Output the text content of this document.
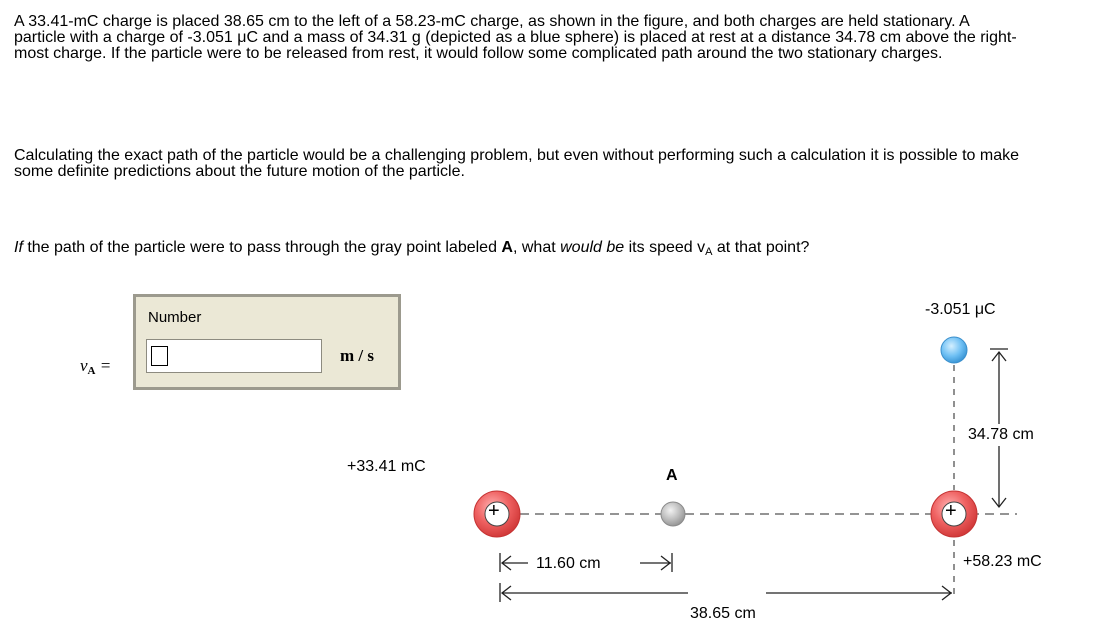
A 33.41-mC charge is placed 38.65 cm to the left of a 58.23-mC charge, as shown in the figure, and both charges are held stationary. A particle with a charge of -3.051 μC and a mass of 34.31 g (depicted as a blue sphere) is placed at rest at a distance 34.78 cm above the right-most charge. If the particle were to be released from rest, it would follow some complicated path around the two stationary charges.

Calculating the exact path of the particle would be a challenging problem, but even without performing such a calculation it is possible to make some definite predictions about the future motion of the particle.

If the path of the particle were to pass through the gray point labeled A, what would be its speed $v_A$ at that point?

vA =
Number
m / s
+	+
-3.051 μC
+33.41 mC
+58.23 mC
A
34.78 cm
11.60 cm
38.65 cm
